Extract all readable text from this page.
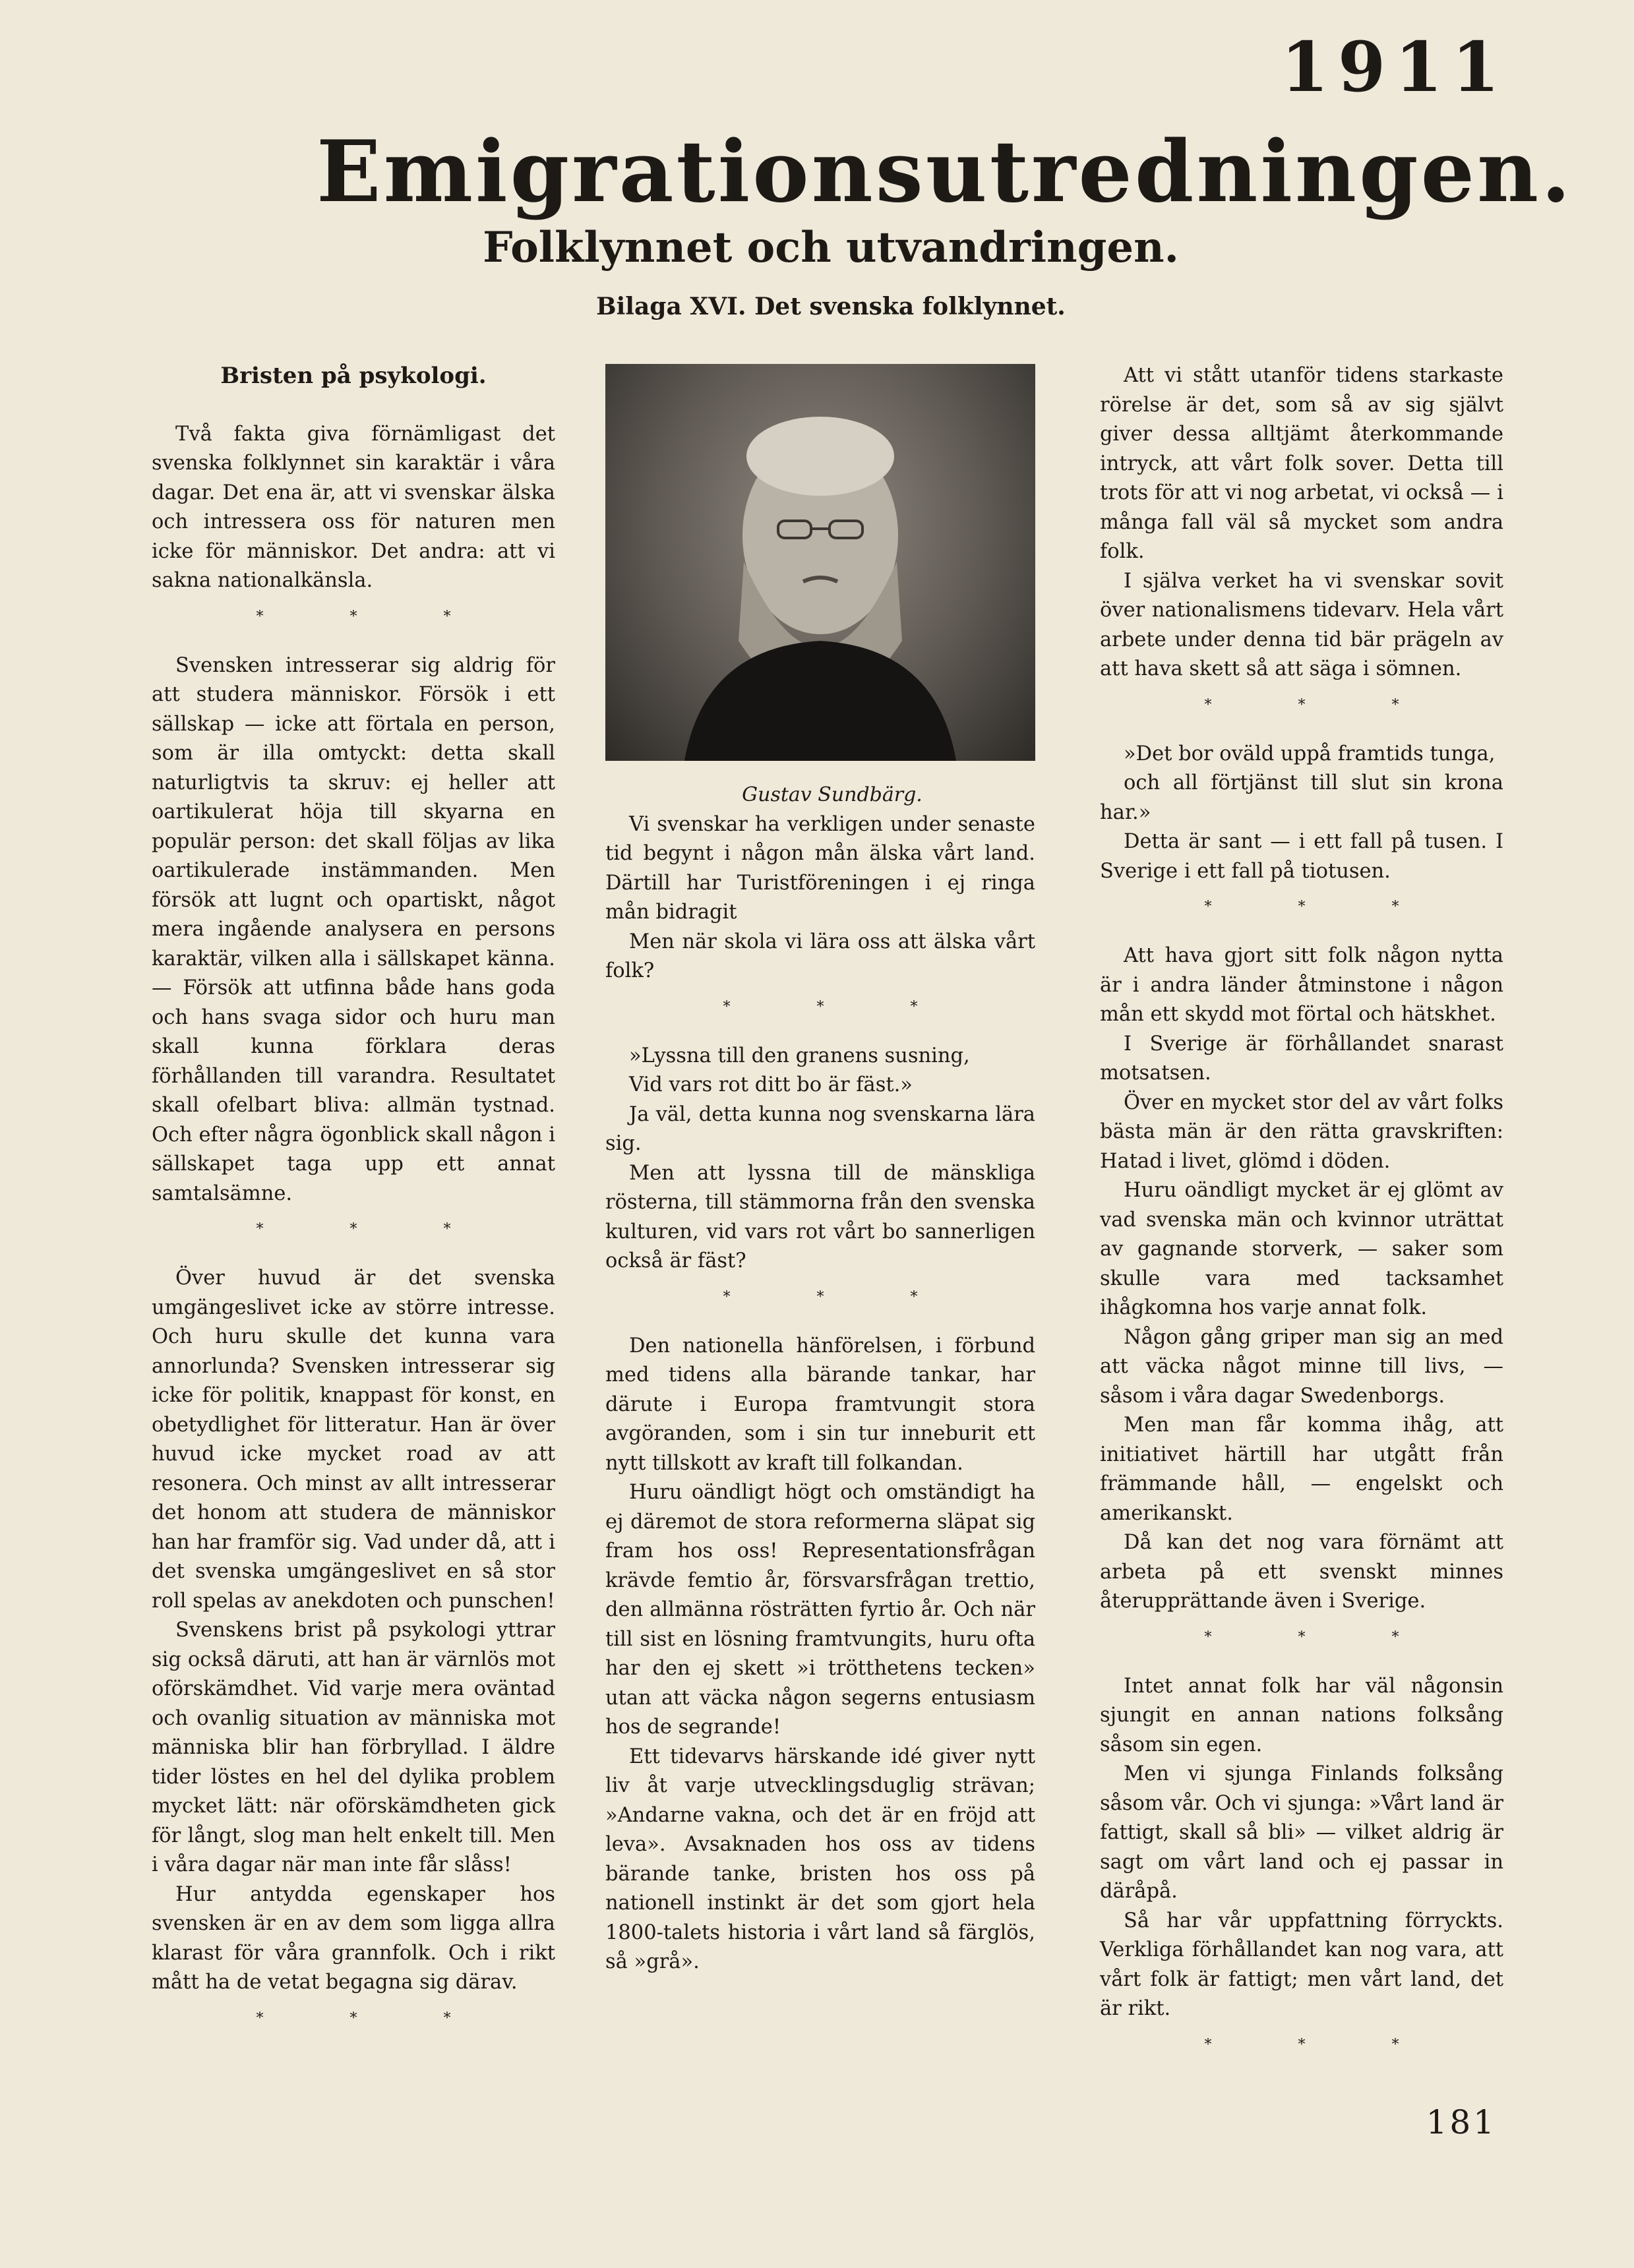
1911
Emigrationsutredningen.
Folklynnet och utvandringen.
Bilaga XVI. Det svenska folklynnet.

Bristen på psykologi.

Två fakta giva förnämligast det svenska folklynnet sin karaktär i våra dagar. Det ena är, att vi svenskar älska och intressera oss för naturen men icke för människor. Det andra: att vi sakna nationalkänsla.

* * *

Svensken intresserar sig aldrig för att studera människor. Försök i ett sällskap — icke att förtala en person, som är illa omtyckt: detta skall naturligtvis ta skruv: ej heller att oartikulerat höja till skyarna en populär person: det skall följas av lika oartikulerade instämmanden. Men försök att lugnt och opartiskt, något mera ingående analysera en persons karaktär, vilken alla i sällskapet känna. — Försök att utfinna både hans goda och hans svaga sidor och huru man skall kunna förklara deras förhållanden till varandra. Resultatet skall ofelbart bliva: allmän tystnad. Och efter några ögonblick skall någon i sällskapet taga upp ett annat samtalsämne.

* * *

Över huvud är det svenska umgängeslivet icke av större intresse. Och huru skulle det kunna vara annorlunda? Svensken intresserar sig icke för politik, knappast för konst, en obetydlighet för litteratur. Han är över huvud icke mycket road av att resonera. Och minst av allt intresserar det honom att studera de människor han har framför sig. Vad under då, att i det svenska umgängeslivet en så stor roll spelas av anekdoten och punschen!

Svenskens brist på psykologi yttrar sig också däruti, att han är värnlös mot oförskämdhet. Vid varje mera oväntad och ovanlig situation av människa mot människa blir han förbryllad. I äldre tider löstes en hel del dylika problem mycket lätt: när oförskämdheten gick för långt, slog man helt enkelt till. Men i våra dagar när man inte får slåss!

Hur antydda egenskaper hos svensken är en av dem som ligga allra klarast för våra grannfolk. Och i rikt mått ha de vetat begagna sig därav.

* * *

Gustav Sundbärg.

Vi svenskar ha verkligen under senaste tid begynt i någon mån älska vårt land. Därtill har Turistföreningen i ej ringa mån bidragit

Men när skola vi lära oss att älska vårt folk?

* * *

»Lyssna till den granens susning,

Vid vars rot ditt bo är fäst.»

Ja väl, detta kunna nog svenskarna lära sig.

Men att lyssna till de mänskliga rösterna, till stämmorna från den svenska kulturen, vid vars rot vårt bo sannerligen också är fäst?

* * *

Den nationella hänförelsen, i förbund med tidens alla bärande tankar, har därute i Europa framtvungit stora avgöranden, som i sin tur inneburit ett nytt tillskott av kraft till folkandan.

Huru oändligt högt och omständigt ha ej däremot de stora reformerna släpat sig fram hos oss! Representationsfrågan krävde femtio år, försvarsfrågan trettio, den allmänna rösträtten fyrtio år. Och när till sist en lösning framtvungits, huru ofta har den ej skett »i trötthetens tecken» utan att väcka någon segerns entusiasm hos de segrande!

Ett tidevarvs härskande idé giver nytt liv åt varje utvecklingsduglig strävan; »Andarne vakna, och det är en fröjd att leva». Avsaknaden hos oss av tidens bärande tanke, bristen hos oss på nationell instinkt är det som gjort hela 1800-talets historia i vårt land så färglös, så »grå».

Att vi stått utanför tidens starkaste rörelse är det, som så av sig självt giver dessa alltjämt återkommande intryck, att vårt folk sover. Detta till trots för att vi nog arbetat, vi också — i många fall väl så mycket som andra folk.

I själva verket ha vi svenskar sovit över nationalismens tidevarv. Hela vårt arbete under denna tid bär prägeln av att hava skett så att säga i sömnen.

* * *

»Det bor oväld uppå framtids tunga,

och all förtjänst till slut sin krona har.»

Detta är sant — i ett fall på tusen. I Sverige i ett fall på tiotusen.

* * *

Att hava gjort sitt folk någon nytta är i andra länder åtminstone i någon mån ett skydd mot förtal och hätskhet.

I Sverige är förhållandet snarast motsatsen.

Över en mycket stor del av vårt folks bästa män är den rätta gravskriften: Hatad i livet, glömd i döden.

Huru oändligt mycket är ej glömt av vad svenska män och kvinnor uträttat av gagnande storverk, — saker som skulle vara med tacksamhet ihågkomna hos varje annat folk.

Någon gång griper man sig an med att väcka något minne till livs, — såsom i våra dagar Swedenborgs.

Men man får komma ihåg, att initiativet härtill har utgått från främmande håll, — engelskt och amerikanskt.

Då kan det nog vara förnämt att arbeta på ett svenskt minnes återupprättande även i Sverige.

* * *

Intet annat folk har väl någonsin sjungit en annan nations folksång såsom sin egen.

Men vi sjunga Finlands folksång såsom vår. Och vi sjunga: »Vårt land är fattigt, skall så bli» — vilket aldrig är sagt om vårt land och ej passar in däråpå.

Så har vår uppfattning förryckts. Verkliga förhållandet kan nog vara, att vårt folk är fattigt; men vårt land, det är rikt.

* * *
181
